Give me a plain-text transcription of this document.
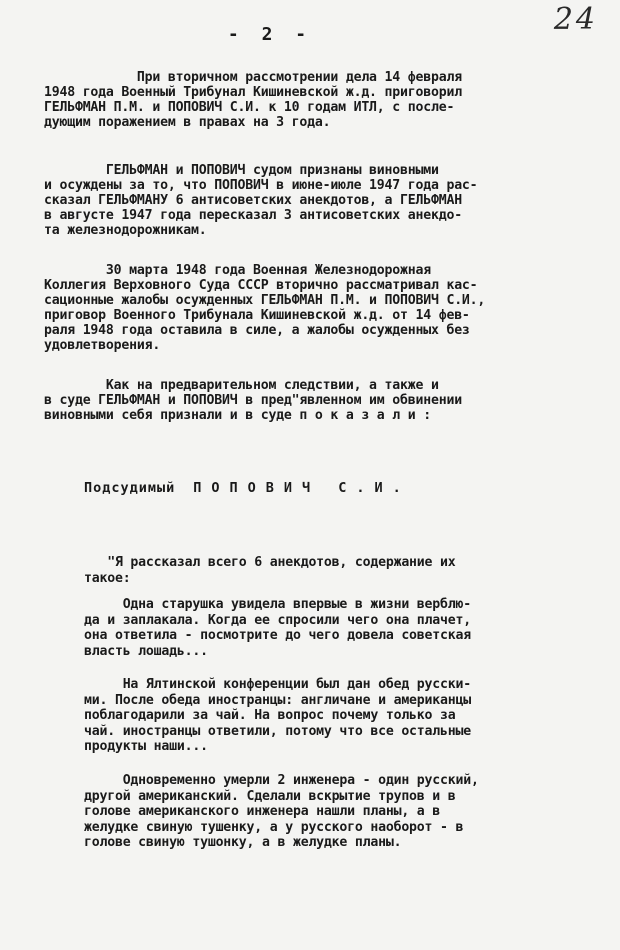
24
- 2 -
При вторичном рассмотрении дела 14 февраля
1948 года Военный Трибунал Кишиневской ж.д. приговорил
ГЕЛЬФМАН П.М. и ПОПОВИЧ С.И. к 10 годам ИТЛ, с после-
дующим поражением в правах на 3 года.
ГЕЛЬФМАН и ПОПОВИЧ судом признаны виновными
и осуждены за то, что ПОПОВИЧ в июне-июле 1947 года рас-
сказал ГЕЛЬФМАНУ 6 антисоветских анекдотов, а ГЕЛЬФМАН
в августе 1947 года пересказал 3 антисоветских анекдо-
та железнодорожникам.
30 марта 1948 года Военная Железнодорожная
Коллегия Верховного Суда СССР вторично рассматривал кас-
сационные жалобы осужденных ГЕЛЬФМАН П.М. и ПОПОВИЧ С.И.,
приговор Военного Трибунала Кишиневской ж.д. от 14 фев-
раля 1948 года оставила в силе, а жалобы осужденных без
удовлетворения.
Как на предварительном следствии, а также и
в суде ГЕЛЬФМАН и ПОПОВИЧ в пред"явленном им обвинении
виновными себя признали и в суде п о к а з а л и :
Подсудимый ПОПОВИЧ С.И.
"Я рассказал всего 6 анекдотов, содержание их
такое:
Одна старушка увидела впервые в жизни верблю-
да и заплакала. Когда ее спросили чего она плачет,
она ответила - посмотрите до чего довела советская
власть лошадь...
На Ялтинской конференции был дан обед русски-
ми. После обеда иностранцы: англичане и американцы
поблагодарили за чай. На вопрос почему только за
чай. иностранцы ответили, потому что все остальные
продукты наши...
Одновременно умерли 2 инженера - один русский,
другой американский. Сделали вскрытие трупов и в
голове американского инженера нашли планы, а в
желудке свиную тушенку, а у русского наоборот - в
голове свиную тушонку, а в желудке планы.
